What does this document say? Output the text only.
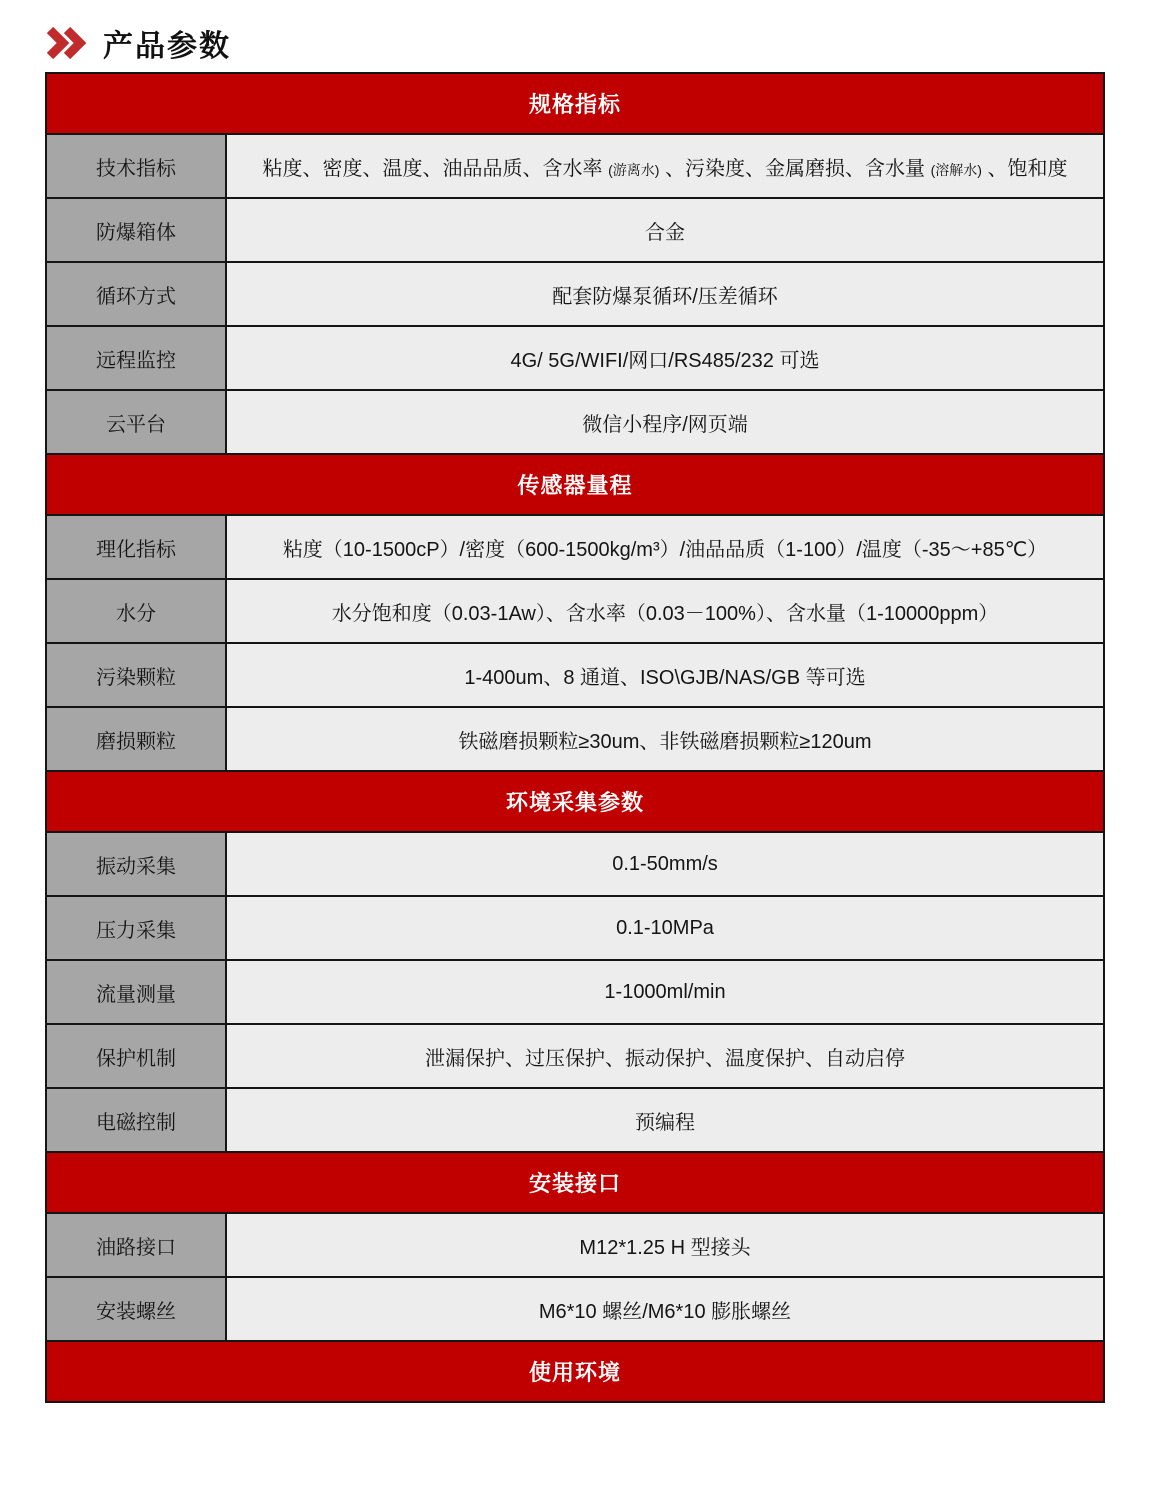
产品参数
规格指标	
技术指标	粘度、密度、温度、油品品质、含水率 (游离水) 、污染度、金属磨损、含水量 (溶解水) 、饱和度
防爆箱体	合金
循环方式	配套防爆泵循环/压差循环
远程监控	4G/ 5G/WIFI/网口/RS485/232 可选
云平台	微信小程序/网页端
传感器量程	
理化指标	粘度（10-1500cP）/密度（600-1500kg/m³）/油品品质（1-100）/温度（-35～+85℃）
水分	水分饱和度（0.03-1Aw）、含水率（0.03－100%）、含水量（1-10000ppm）
污染颗粒	1-400um、8 通道、ISO\GJB/NAS/GB 等可选
磨损颗粒	铁磁磨损颗粒≥30um、非铁磁磨损颗粒≥120um
环境采集参数	
振动采集	0.1-50mm/s
压力采集	0.1-10MPa
流量测量	1-1000ml/min
保护机制	泄漏保护、过压保护、振动保护、温度保护、自动启停
电磁控制	预编程
安装接口	
油路接口	M12*1.25 H 型接头
安装螺丝	M6*10 螺丝/M6*10 膨胀螺丝
使用环境	
